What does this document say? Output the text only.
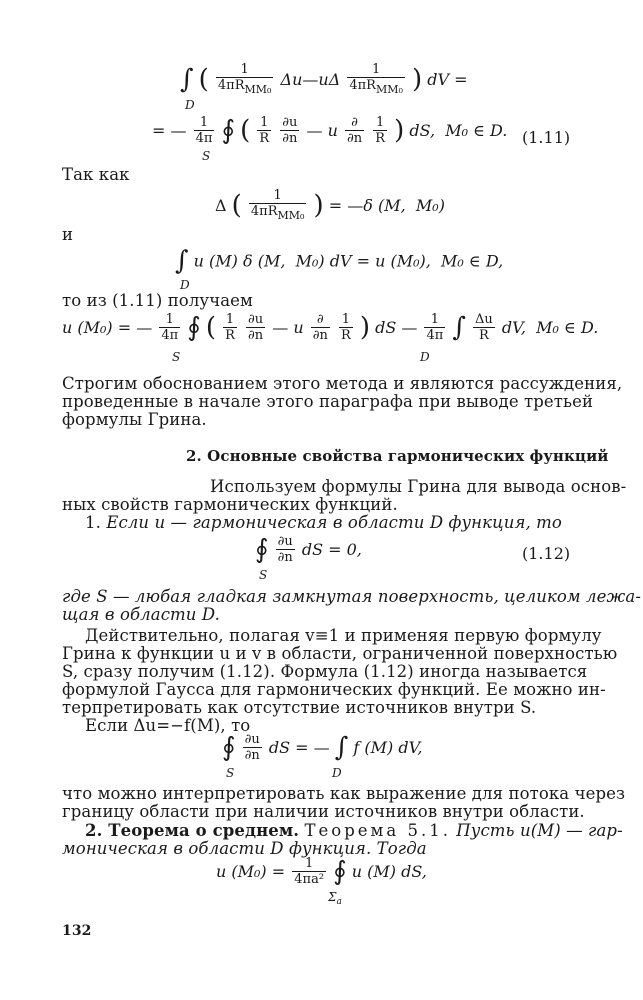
∫ ( $\frac{1}{4\pi R_{MM_0}}$ Δu—uΔ $\frac{1}{4\pi R_{MM_0}}$ ) dV =
D
= — $\frac{1}{4\pi}$ ∮ ( $\frac{1}{R}$
$\frac{\partial u}{\partial n}$ — u $\frac{\partial}{\partial n}$
$\frac{1}{R}$ ) dS,  M₀ ∈ D.
S
(1.11)
Так как
Δ ( $\frac{1}{4\pi R_{MM_0}}$ ) = —δ (M,  M₀)
и
∫ u (M) δ (M,  M₀) dV = u (M₀),  M₀ ∈ D,
D
то из (1.11) получаем
u (M₀) = — $\frac{1}{4\pi}$ ∮ ( $\frac{1}{R}$
$\frac{\partial u}{\partial n}$ — u $\frac{\partial}{\partial n}$
$\frac{1}{R}$ ) dS — $\frac{1}{4\pi}$ ∫ $\frac{\Delta u}{R}$ dV,  M₀ ∈ D.
S	D
Строгим обоснованием этого метода и являются рассуждения,
проведенные в начале этого параграфа при выводе третьей
формулы Грина.
2. Основные свойства гармонических функций
Используем формулы Грина для вывода основ-
ных свойств гармонических функций.
1. Если u — гармоническая в области D функция, то
∮ $\frac{\partial u}{\partial n}$ dS = 0,
S
(1.12)
где S — любая гладкая замкнутая поверхность, целиком лежа-
щая в области D.
Действительно, полагая v≡1 и применяя первую формулу
Грина к функции u и v в области, ограниченной поверхностью
S, сразу получим (1.12). Формула (1.12) иногда называется
формулой Гаусса для гармонических функций. Ее можно ин-
терпретировать как отсутствие источников внутри S.
Если Δu=−f(M), то
∮ $\frac{\partial u}{\partial n}$ dS = — ∫ f (M) dV,
S	D
что можно интерпретировать как выражение для потока через
границу области при наличии источников внутри области.
2. Теорема о среднем. Теорема 5.1. Пусть u(M) — гар-
моническая в области D функция. Тогда
u $(M_0) = \frac{1}{\text{4πa²}}$ ∮ u (M) dS,
$\Sigma_a$
132
